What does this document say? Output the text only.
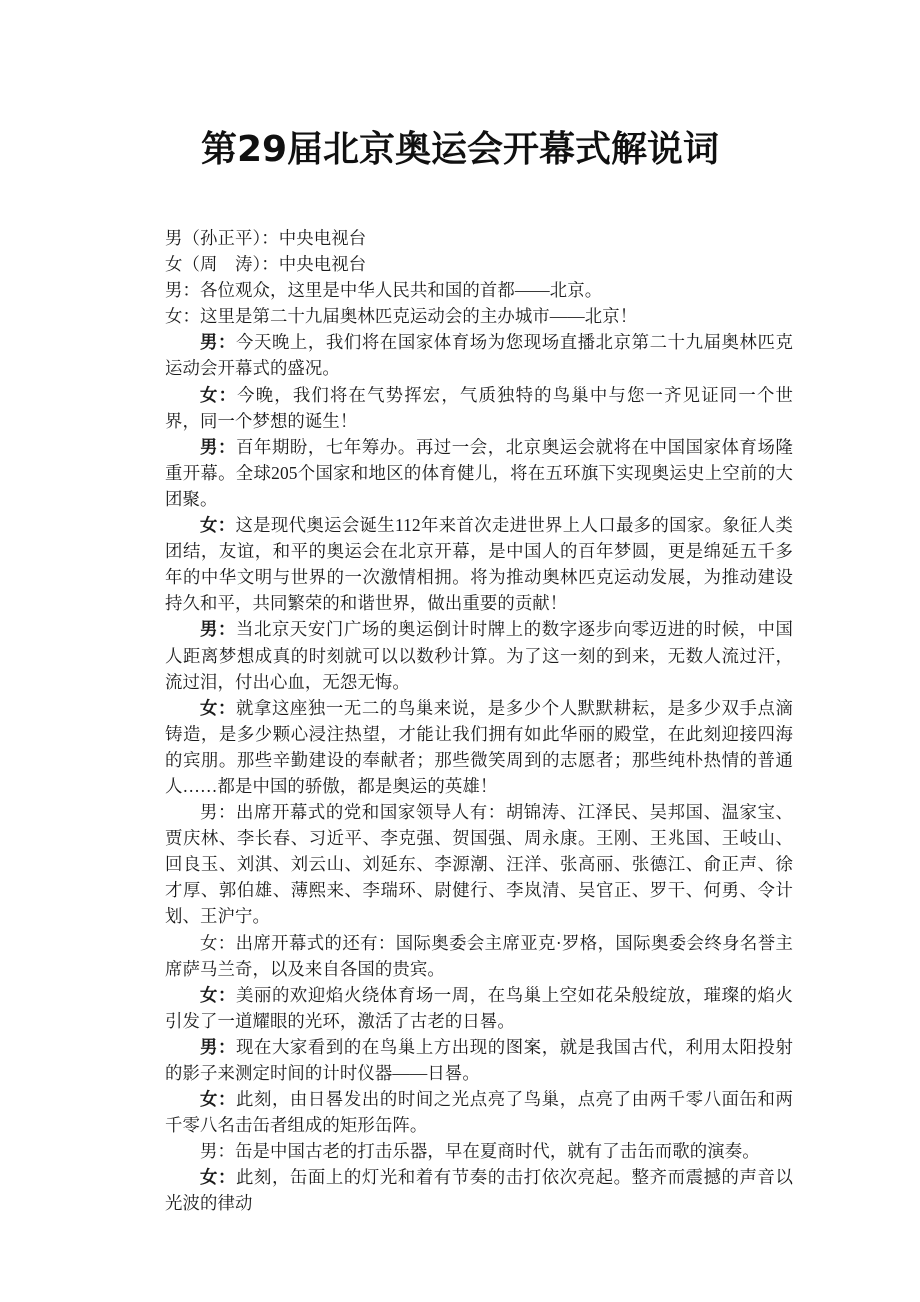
第29届北京奥运会开幕式解说词

男（孙正平）：中央电视台

女（周　涛）：中央电视台

男：各位观众，这里是中华人民共和国的首都——北京。

女：这里是第二十九届奥林匹克运动会的主办城市——北京！

男：今天晚上，我们将在国家体育场为您现场直播北京第二十九届奥林匹克运动会开幕式的盛况。

女：今晚，我们将在气势挥宏，气质独特的鸟巢中与您一齐见证同一个世界，同一个梦想的诞生！

男：百年期盼，七年筹办。再过一会，北京奥运会就将在中国国家体育场隆重开幕。全球205个国家和地区的体育健儿，将在五环旗下实现奥运史上空前的大团聚。

女：这是现代奥运会诞生112年来首次走进世界上人口最多的国家。象征人类团结，友谊，和平的奥运会在北京开幕，是中国人的百年梦圆，更是绵延五千多年的中华文明与世界的一次激情相拥。将为推动奥林匹克运动发展，为推动建设持久和平，共同繁荣的和谐世界，做出重要的贡献！

男：当北京天安门广场的奥运倒计时牌上的数字逐步向零迈进的时候，中国人距离梦想成真的时刻就可以以数秒计算。为了这一刻的到来，无数人流过汗，流过泪，付出心血，无怨无悔。

女：就拿这座独一无二的鸟巢来说，是多少个人默默耕耘，是多少双手点滴铸造，是多少颗心浸注热望，才能让我们拥有如此华丽的殿堂，在此刻迎接四海的宾朋。那些辛勤建设的奉献者；那些微笑周到的志愿者；那些纯朴热情的普通人……都是中国的骄傲，都是奥运的英雄！

男：出席开幕式的党和国家领导人有：胡锦涛、江泽民、吴邦国、温家宝、贾庆林、李长春、习近平、李克强、贺国强、周永康。王刚、王兆国、王岐山、回良玉、刘淇、刘云山、刘延东、李源潮、汪洋、张高丽、张德江、俞正声、徐才厚、郭伯雄、薄熙来、李瑞环、尉健行、李岚清、吴官正、罗干、何勇、令计划、王沪宁。

女：出席开幕式的还有：国际奥委会主席亚克·罗格，国际奥委会终身名誉主席萨马兰奇，以及来自各国的贵宾。

女：美丽的欢迎焰火绕体育场一周，在鸟巢上空如花朵般绽放，璀璨的焰火引发了一道耀眼的光环，激活了古老的日晷。

男：现在大家看到的在鸟巢上方出现的图案，就是我国古代，利用太阳投射的影子来测定时间的计时仪器——日晷。

女：此刻，由日晷发出的时间之光点亮了鸟巢，点亮了由两千零八面缶和两千零八名击缶者组成的矩形缶阵。

男：缶是中国古老的打击乐器，早在夏商时代，就有了击缶而歌的演奏。

女：此刻，缶面上的灯光和着有节奏的击打依次亮起。整齐而震撼的声音以光波的律动
